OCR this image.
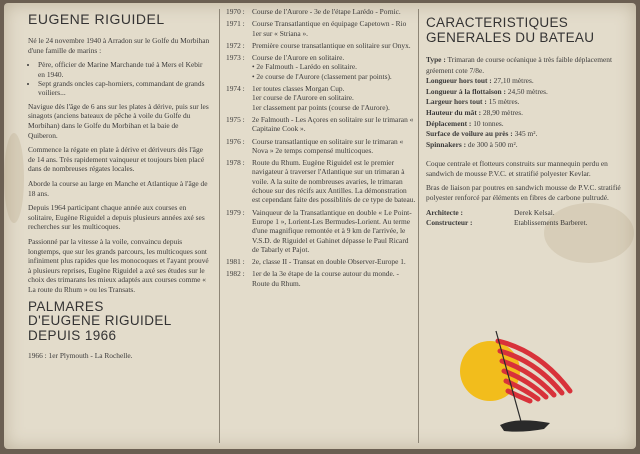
EUGENE RIGUIDEL

Né le 24 novembre 1940 à Arradon sur le Golfe du Morbihan d'une famille de marins :

• Père, officier de Marine Marchande tué à Mers el Kebir en 1940.
• Sept grands oncles cap-horniers, commandant de grands voiliers...

Navigue dès l'âge de 6 ans sur les plates à dérive, puis sur les sinagots (anciens bateaux de pêche à voile du Golfe du Morbihan) dans le Golfe du Morbihan et la baie de Quiberon.

Commence la régate en plate à dérive et dériveurs dès l'âge de 14 ans. Très rapidement vainqueur et toujours bien placé dans de nombreuses régates locales.

Aborde la course au large en Manche et Atlantique à l'âge de 18 ans.

Depuis 1964 participant chaque année aux courses en solitaire, Eugène Riguidel a depuis plusieurs années axé ses recherches sur les multicoques.

Passionné par la vitesse à la voile, convaincu depuis longtemps, que sur les grands parcours, les multicoques sont infiniment plus rapides que les monocoques et l'ayant prouvé à plusieurs reprises, Eugène Riguidel a axé ses études sur le choix des trimarans les mieux adaptés aux courses comme « La route du Rhum » ou les Transats.

PALMARES
D'EUGENE RIGUIDEL
DEPUIS 1966
1966 : 1er Plymouth - La Rochelle.
1970 : Course de l'Aurore - 3e de l'étape Larédo - Pornic.
1971 : Course Transatlantique en équipage Capetown - Rio 1er sur « Striana ».
1972 : Première course transatlantique en solitaire sur Onyx.
1973 : Course de l'Aurore en solitaire.
• 2e Falmouth - Larédo en solitaire.
• 2e course de l'Aurore (classement par points).
1974 : 1er toutes classes Morgan Cup.
1er course de l'Aurore en solitaire.
1er classement par points (course de l'Aurore).
1975 : 2e Falmouth - Les Açores en solitaire sur le trimaran « Capitaine Cook ».
1976 : Course transatlantique en solitaire sur le trimaran « Nova » 2e temps compensé multicoques.
1978 : Route du Rhum. Eugène Riguidel est le premier navigateur à traverser l'Atlantique sur un trimaran à voile. A la suite de nombreuses avaries, le trimaran échoue sur des récifs aux Antilles. La démonstration est cependant faite des possiblités de ce type de bateau.
1979 : Vainqueur de la Transatlantique en double « Le Point-Europe 1 », Lorient-Les Bermudes-Lorient. Au terme d'une magnifique remontée et à 9 km de l'arrivée, le V.S.D. de Riguidel et Gahinet dépasse le Paul Ricard de Tabarly et Pajot.
1981 : 2e, classe II - Transat en double Observer-Europe 1.
1982 : 1er de la 3e étape de la course autour du monde. - Route du Rhum.
CARACTERISTIQUES
GENERALES DU BATEAU
Type : Trimaran de course océanique à très faible déplacement gréement cote 7/8e.
Longueur hors tout : 27,10 mètres.
Longueur à la flottaison : 24,50 mètres.
Largeur hors tout : 15 mètres.
Hauteur du mât : 28,90 mètres.
Déplacement : 10 tonnes.
Surface de voilure au près : 345 m².
Spinnakers : de 300 à 500 m².

Coque centrale et flotteurs construits sur mannequin perdu en sandwich de mousse P.V.C. et stratifié polyester Kevlar.

Bras de liaison par poutres en sandwich mousse de P.V.C. stratifié polyester renforcé par éléments en fibres de carbone pultrudé.

Architecte :	Derek Kelsal.
Constructeur :	Etablissements Barberet.
